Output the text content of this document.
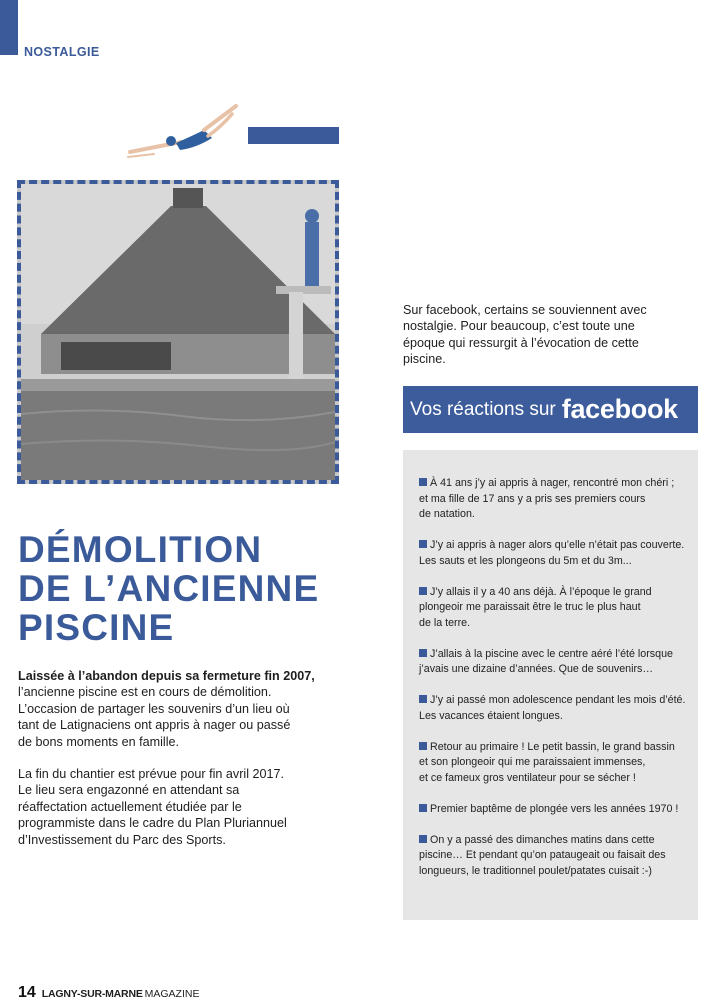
NOSTALGIE
DÉMOLITION
DE L’ANCIENNE
PISCINE

Laissée à l’abandon depuis sa fermeture fin 2007,
l’ancienne piscine est en cours de démolition.
L’occasion de partager les souvenirs d’un lieu où
tant de Latignaciens ont appris à nager ou passé
de bons moments en famille.

La fin du chantier est prévue pour fin avril 2017.
Le lieu sera engazonné en attendant sa
réaffectation actuellement étudiée par le
programmiste dans le cadre du Plan Pluriannuel
d’Investissement du Parc des Sports.

Sur facebook, certains se souviennent avec
nostalgie. Pour beaucoup, c’est toute une
époque qui ressurgit à l’évocation de cette
piscine.

Vos réactions sur facebook
À 41 ans j’y ai appris à nager, rencontré mon chéri ;
et ma fille de 17 ans y a pris ses premiers cours
de natation.
J’y ai appris à nager alors qu’elle n’était pas couverte.
Les sauts et les plongeons du 5m et du 3m...
J’y allais il y a 40 ans déjà. À l’époque le grand
plongeoir me paraissait être le truc le plus haut
de la terre.
J’allais à la piscine avec le centre aéré l’été lorsque
j’avais une dizaine d’années. Que de souvenirs…
J’y ai passé mon adolescence pendant les mois d’été.
Les vacances étaient longues.
Retour au primaire ! Le petit bassin, le grand bassin
et son plongeoir qui me paraissaient immenses,
et ce fameux gros ventilateur pour se sécher !
Premier baptême de plongée vers les années 1970 !
On y a passé des dimanches matins dans cette
piscine… Et pendant qu’on pataugeait ou faisait des
longueurs, le traditionnel poulet/patates cuisait :-)
14 LAGNY-SUR-MARNE MAGAZINE
